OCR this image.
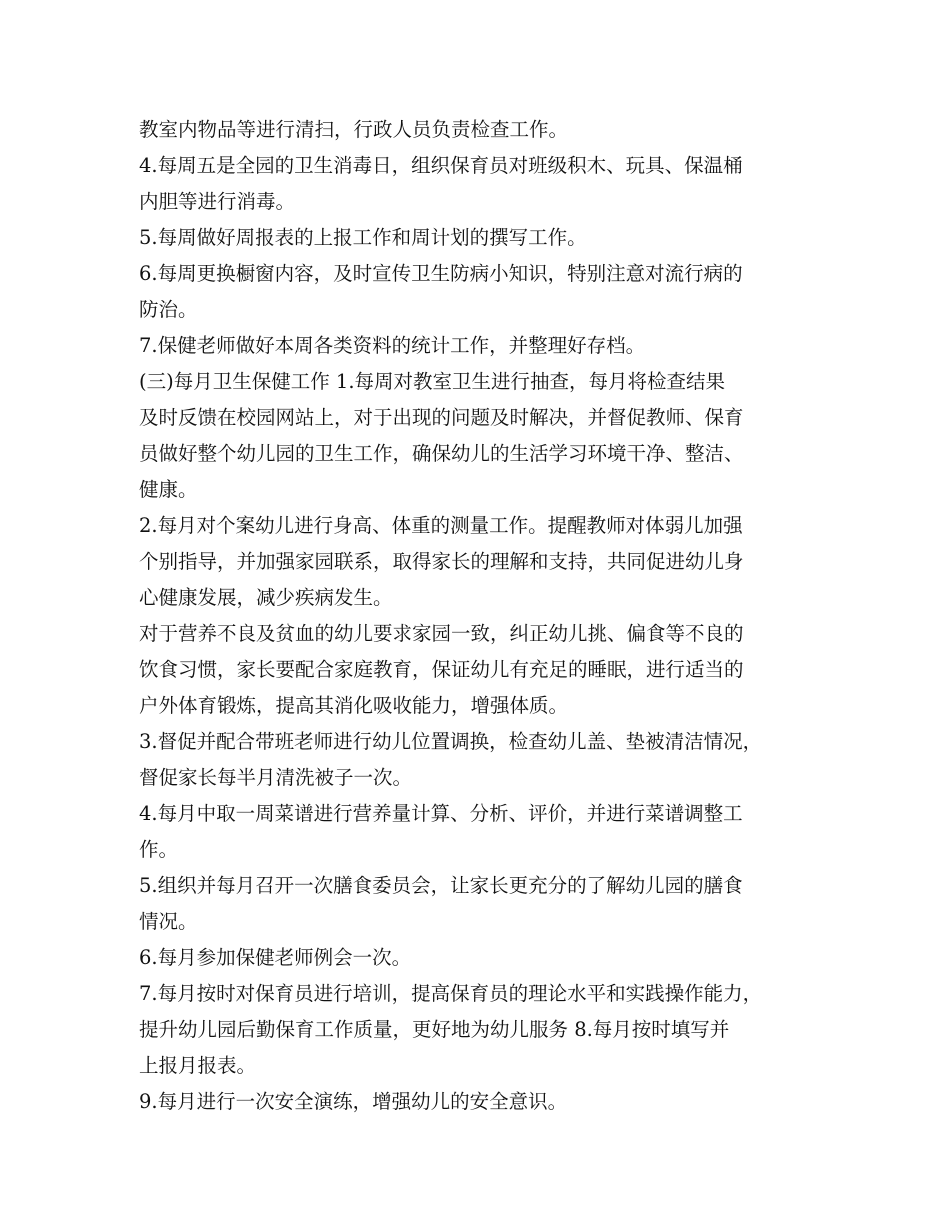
教室内物品等进行清扫，行政人员负责检查工作。
4.每周五是全园的卫生消毒日，组织保育员对班级积木、玩具、保温桶
内胆等进行消毒。
5.每周做好周报表的上报工作和周计划的撰写工作。
6.每周更换橱窗内容，及时宣传卫生防病小知识，特别注意对流行病的
防治。
7.保健老师做好本周各类资料的统计工作，并整理好存档。
(三)每月卫生保健工作 1.每周对教室卫生进行抽查，每月将检查结果
及时反馈在校园网站上，对于出现的问题及时解决，并督促教师、保育
员做好整个幼儿园的卫生工作，确保幼儿的生活学习环境干净、整洁、
健康。
2.每月对个案幼儿进行身高、体重的测量工作。提醒教师对体弱儿加强
个别指导，并加强家园联系，取得家长的理解和支持，共同促进幼儿身
心健康发展，减少疾病发生。
对于营养不良及贫血的幼儿要求家园一致，纠正幼儿挑、偏食等不良的
饮食习惯，家长要配合家庭教育，保证幼儿有充足的睡眠，进行适当的
户外体育锻炼，提高其消化吸收能力，增强体质。
3.督促并配合带班老师进行幼儿位置调换，检查幼儿盖、垫被清洁情况，
督促家长每半月清洗被子一次。
4.每月中取一周菜谱进行营养量计算、分析、评价，并进行菜谱调整工
作。
5.组织并每月召开一次膳食委员会，让家长更充分的了解幼儿园的膳食
情况。
6.每月参加保健老师例会一次。
7.每月按时对保育员进行培训，提高保育员的理论水平和实践操作能力，
提升幼儿园后勤保育工作质量，更好地为幼儿服务 8.每月按时填写并
上报月报表。
9.每月进行一次安全演练，增强幼儿的安全意识。
